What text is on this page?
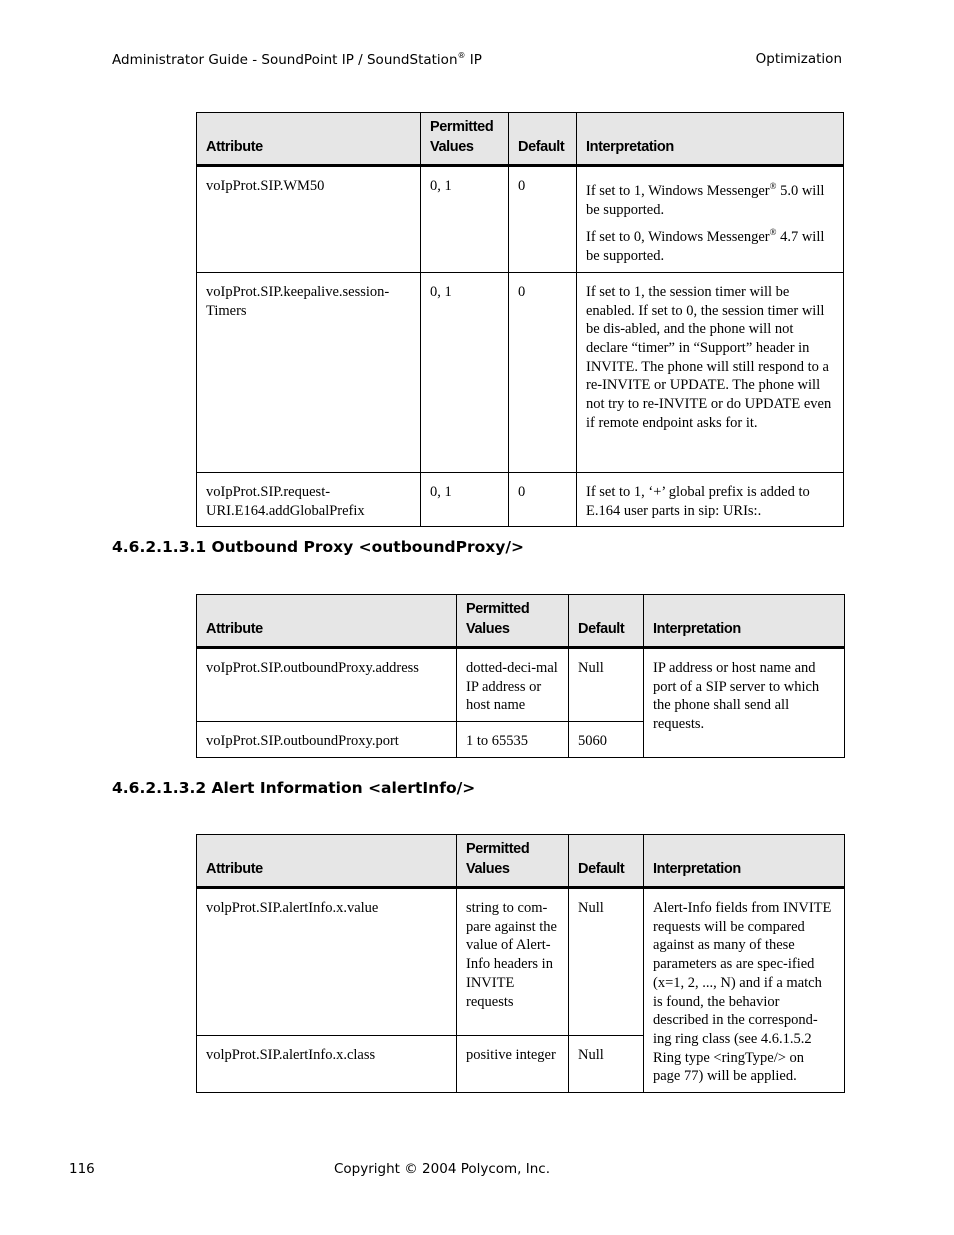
Administrator Guide - SoundPoint IP / SoundStation® IP	Optimization
Attribute	Permitted Values	Default	Interpretation
voIpProt.SIP.WM50	0, 1	0	If set to 1, Windows Messenger® 5.0 will be supported.

If set to 0, Windows Messenger® 4.7 will be supported.

voIpProt.SIP.keepalive.session-Timers	0, 1	0	If set to 1, the session timer will be enabled. If set to 0, the session timer will be dis-abled, and the phone will not declare “timer” in “Support” header in INVITE. The phone will still respond to a re-INVITE or UPDATE. The phone will not try to re-INVITE or do UPDATE even if remote endpoint asks for it.
voIpProt.SIP.request-URI.E164.addGlobalPrefix	0, 1	0	If set to 1, ‘+’ global prefix is added to E.164 user parts in sip: URIs:.
4.6.2.1.3.1 Outbound Proxy <outboundProxy/>
Attribute	Permitted Values	Default	Interpretation
voIpProt.SIP.outboundProxy.address	dotted-deci-mal IP address or host name	Null	IP address or host name and port of a SIP server to which the phone shall send all requests.
voIpProt.SIP.outboundProxy.port	1 to 65535	5060	
4.6.2.1.3.2 Alert Information <alertInfo/>
Attribute	Permitted Values	Default	Interpretation
volpProt.SIP.alertInfo.x.value	string to com-pare against the value of Alert-Info headers in INVITE requests	Null	Alert-Info fields from INVITE requests will be compared against as many of these parameters as are spec-ified (x=1, 2, ..., N) and if a match is found, the behavior described in the correspond-ing ring class (see 4.6.1.5.2 Ring type <ringType/> on page 77) will be applied.
volpProt.SIP.alertInfo.x.class	positive integer	Null	
116	Copyright © 2004 Polycom, Inc.
